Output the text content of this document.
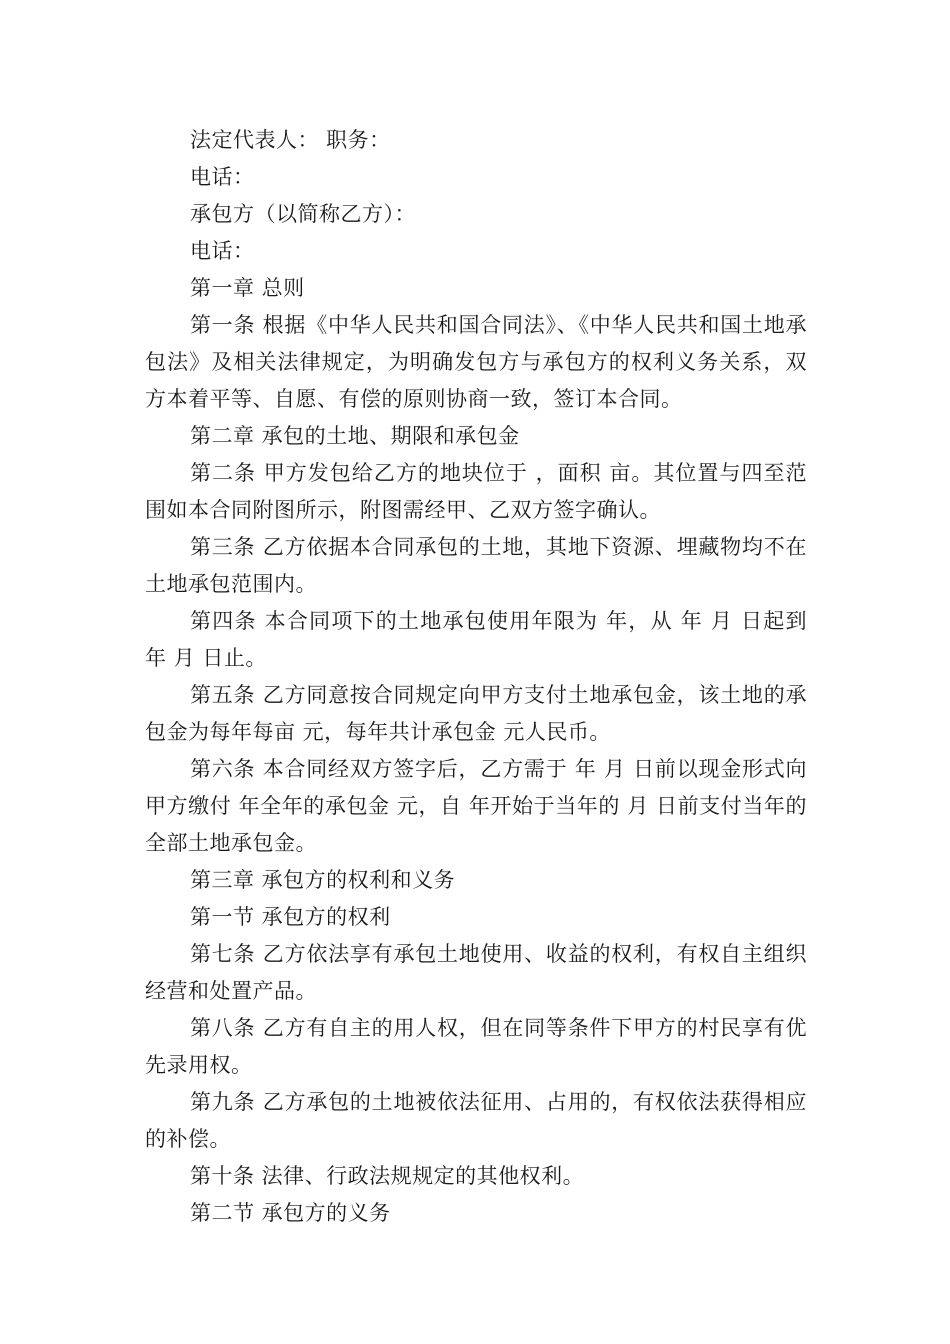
法定代表人： 职务：

电话：

承包方（以简称乙方）：

电话：

第一章 总则

第一条 根据《中华人民共和国合同法》、《中华人民共和国土地承包法》及相关法律规定，为明确发包方与承包方的权利义务关系，双方本着平等、自愿、有偿的原则协商一致，签订本合同。

第二章 承包的土地、期限和承包金

第二条 甲方发包给乙方的地块位于 ，面积 亩。其位置与四至范围如本合同附图所示，附图需经甲、乙双方签字确认。

第三条 乙方依据本合同承包的土地，其地下资源、埋藏物均不在土地承包范围内。

第四条 本合同项下的土地承包使用年限为 年，从 年 月 日起到 年 月 日止。

第五条 乙方同意按合同规定向甲方支付土地承包金，该土地的承包金为每年每亩 元，每年共计承包金 元人民币。

第六条 本合同经双方签字后，乙方需于 年 月 日前以现金形式向甲方缴付 年全年的承包金 元，自 年开始于当年的 月 日前支付当年的全部土地承包金。

第三章 承包方的权利和义务

第一节 承包方的权利

第七条 乙方依法享有承包土地使用、收益的权利，有权自主组织经营和处置产品。

第八条 乙方有自主的用人权，但在同等条件下甲方的村民享有优先录用权。

第九条 乙方承包的土地被依法征用、占用的，有权依法获得相应的补偿。

第十条 法律、行政法规规定的其他权利。

第二节 承包方的义务
